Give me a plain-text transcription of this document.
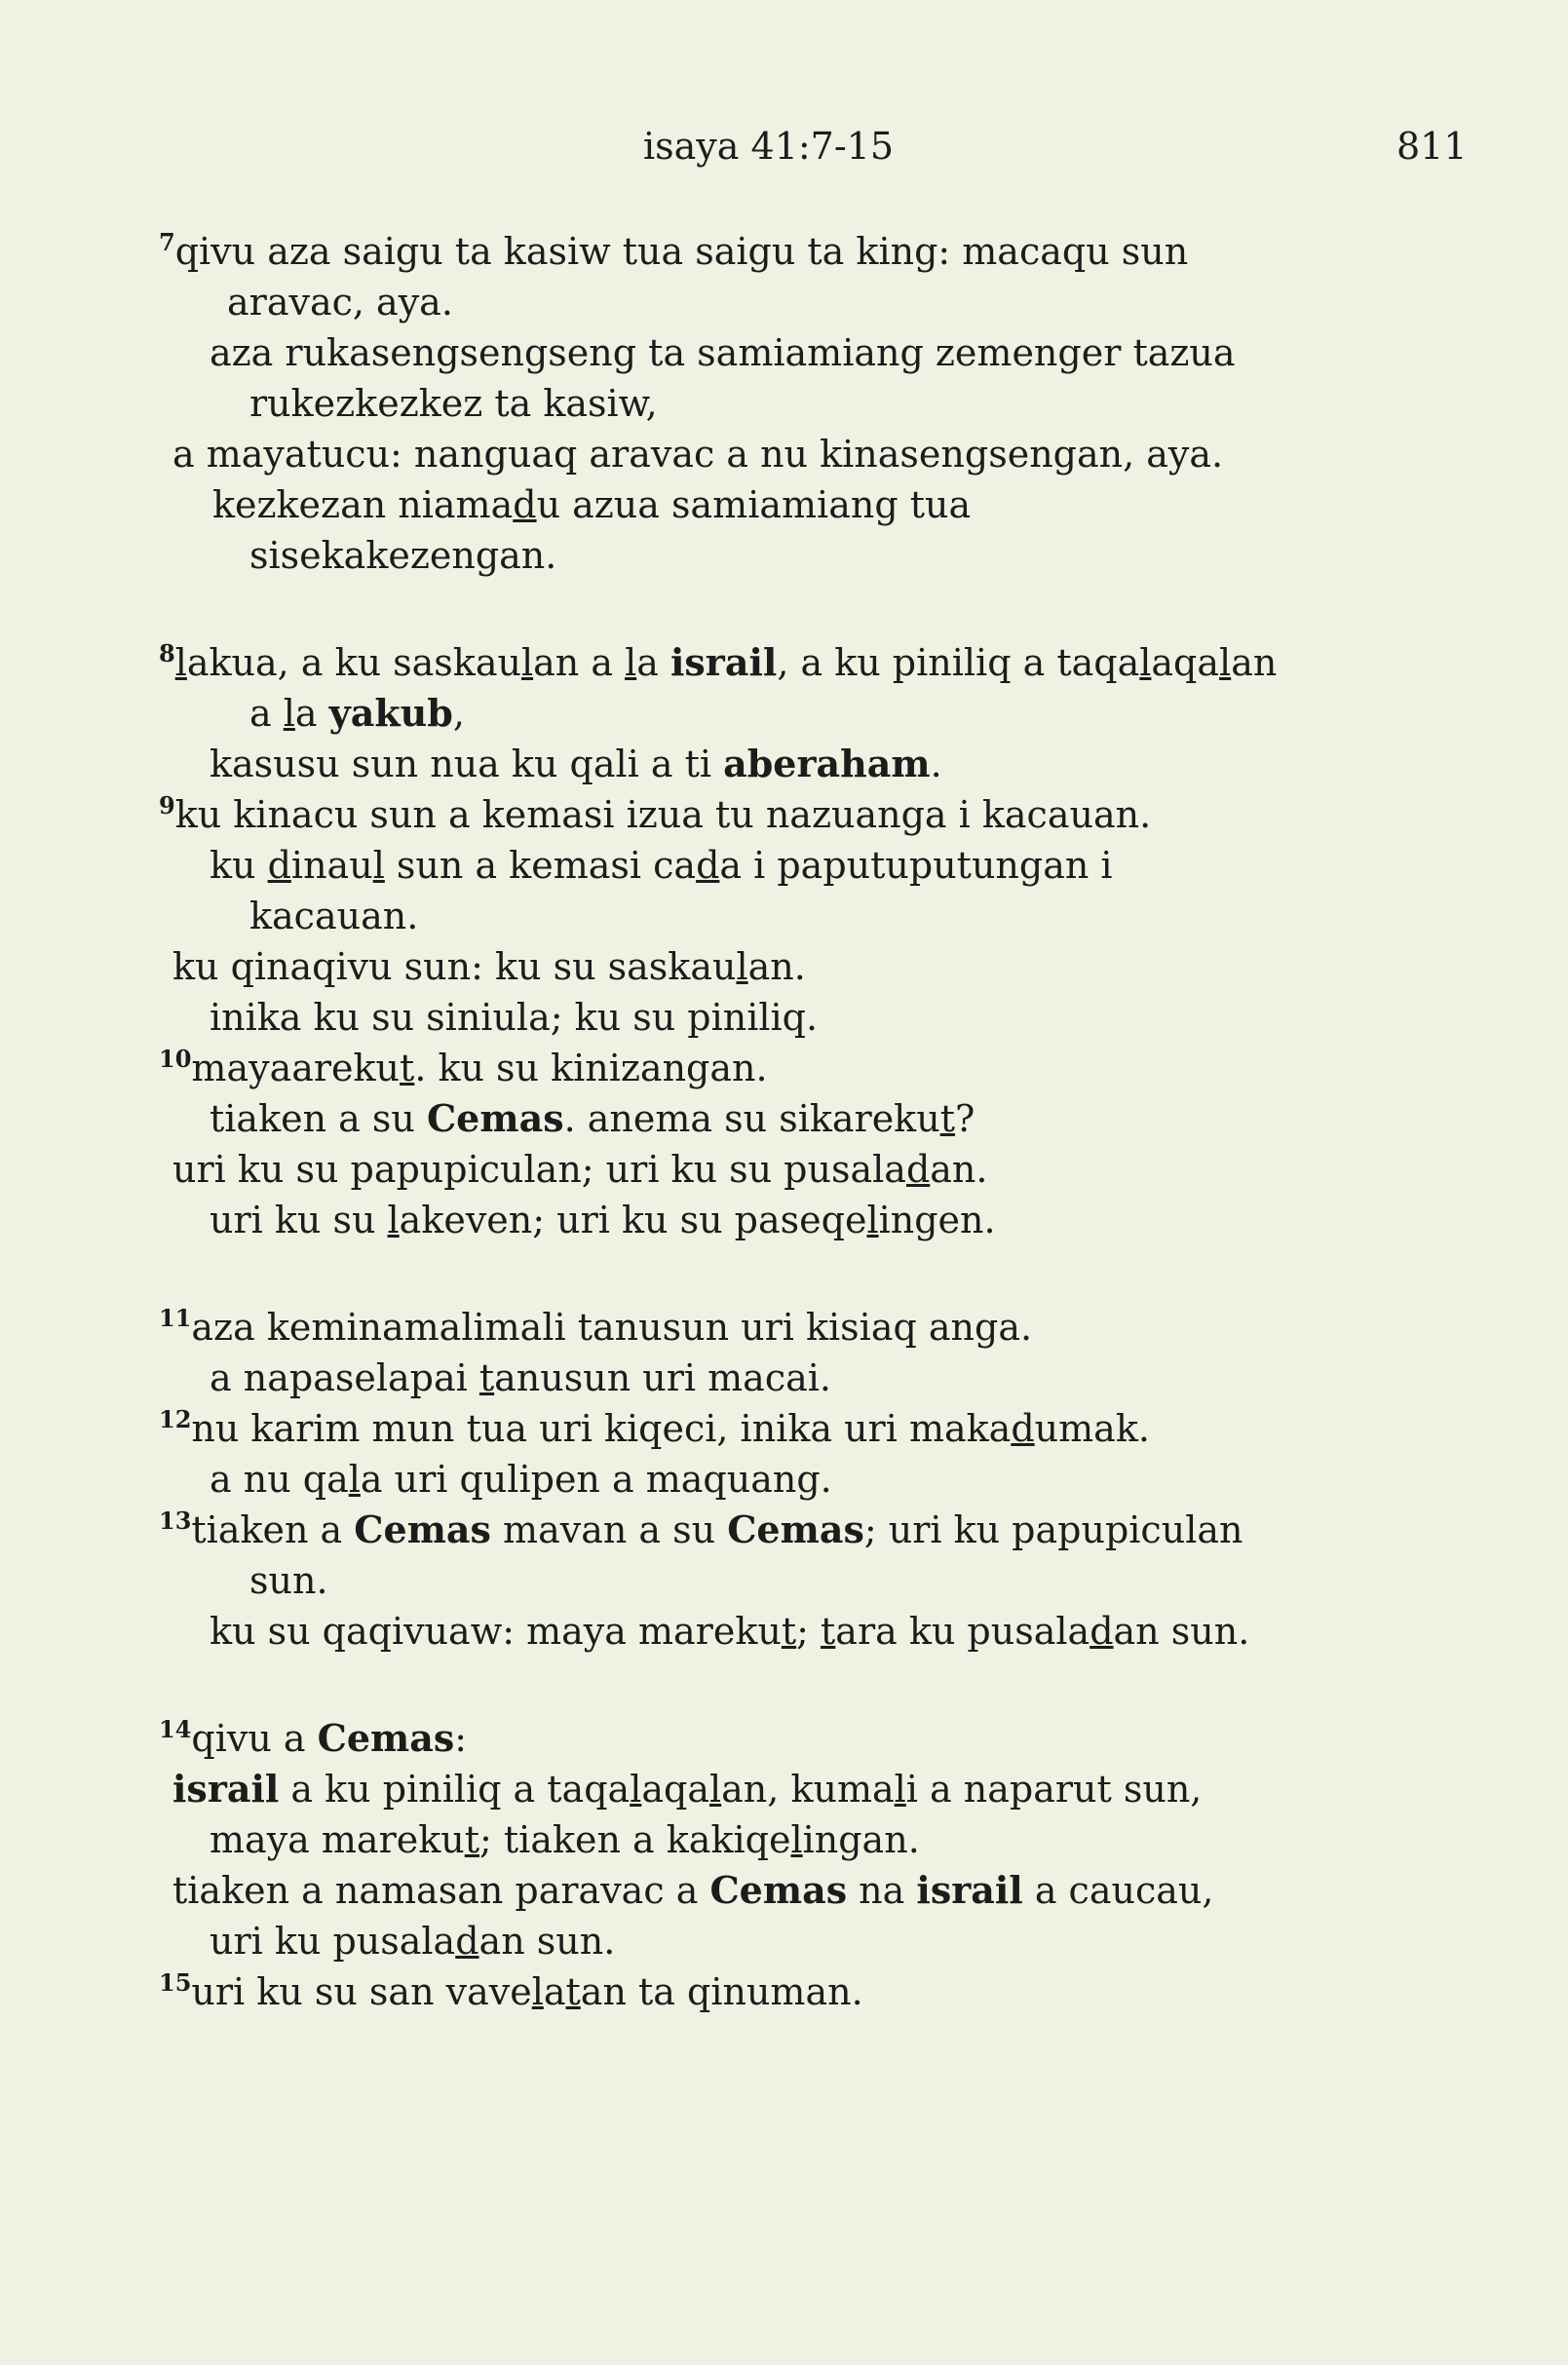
isaya 41:7-15	811
$^7$qivu aza saigu ta kasiw tua saigu ta king: macaqu sun
aravac, aya.
aza rukasengsengseng ta samiamiang zemenger tazua
rukezkezkez ta kasiw,
a mayatucu: nanguaq aravac a nu kinasengsengan, aya.
kezkezan niamadu azua samiamiang tua
sisekakezengan.
$^8$lakua, a ku saskaulan a la israil, a ku piniliq a taqalaqalan
a la yakub,
kasusu sun nua ku qali a ti aberaham.
$^9$ku kinacu sun a kemasi izua tu nazuanga i kacauan.
ku dinaul sun a kemasi cada i paputuputungan i
kacauan.
ku qinaqivu sun: ku su saskaulan.
inika ku su siniula; ku su piniliq.
$^{10}$mayaarekut. ku su kinizangan.
tiaken a su Cemas. anema su sikarekut?
uri ku su papupiculan; uri ku su pusaladan.
uri ku su lakeven; uri ku su paseqelingen.
$^{11}$aza keminamalimali tanusun uri kisiaq anga.
a napaselapai tanusun uri macai.
$^{12}$nu karim mun tua uri kiqeci, inika uri makadumak.
a nu qala uri qulipen a maquang.
$^{13}$tiaken a Cemas mavan a su Cemas; uri ku papupiculan
sun.
ku su qaqivuaw: maya marekut; tara ku pusaladan sun.
$^{14}$qivu a Cemas:
israil a ku piniliq a taqalaqalan, kumali a naparut sun,
maya marekut; tiaken a kakiqelingan.
tiaken a namasan paravac a Cemas na israil a caucau,
uri ku pusaladan sun.
$^{15}$uri ku su san vavelatan ta qinuman.
